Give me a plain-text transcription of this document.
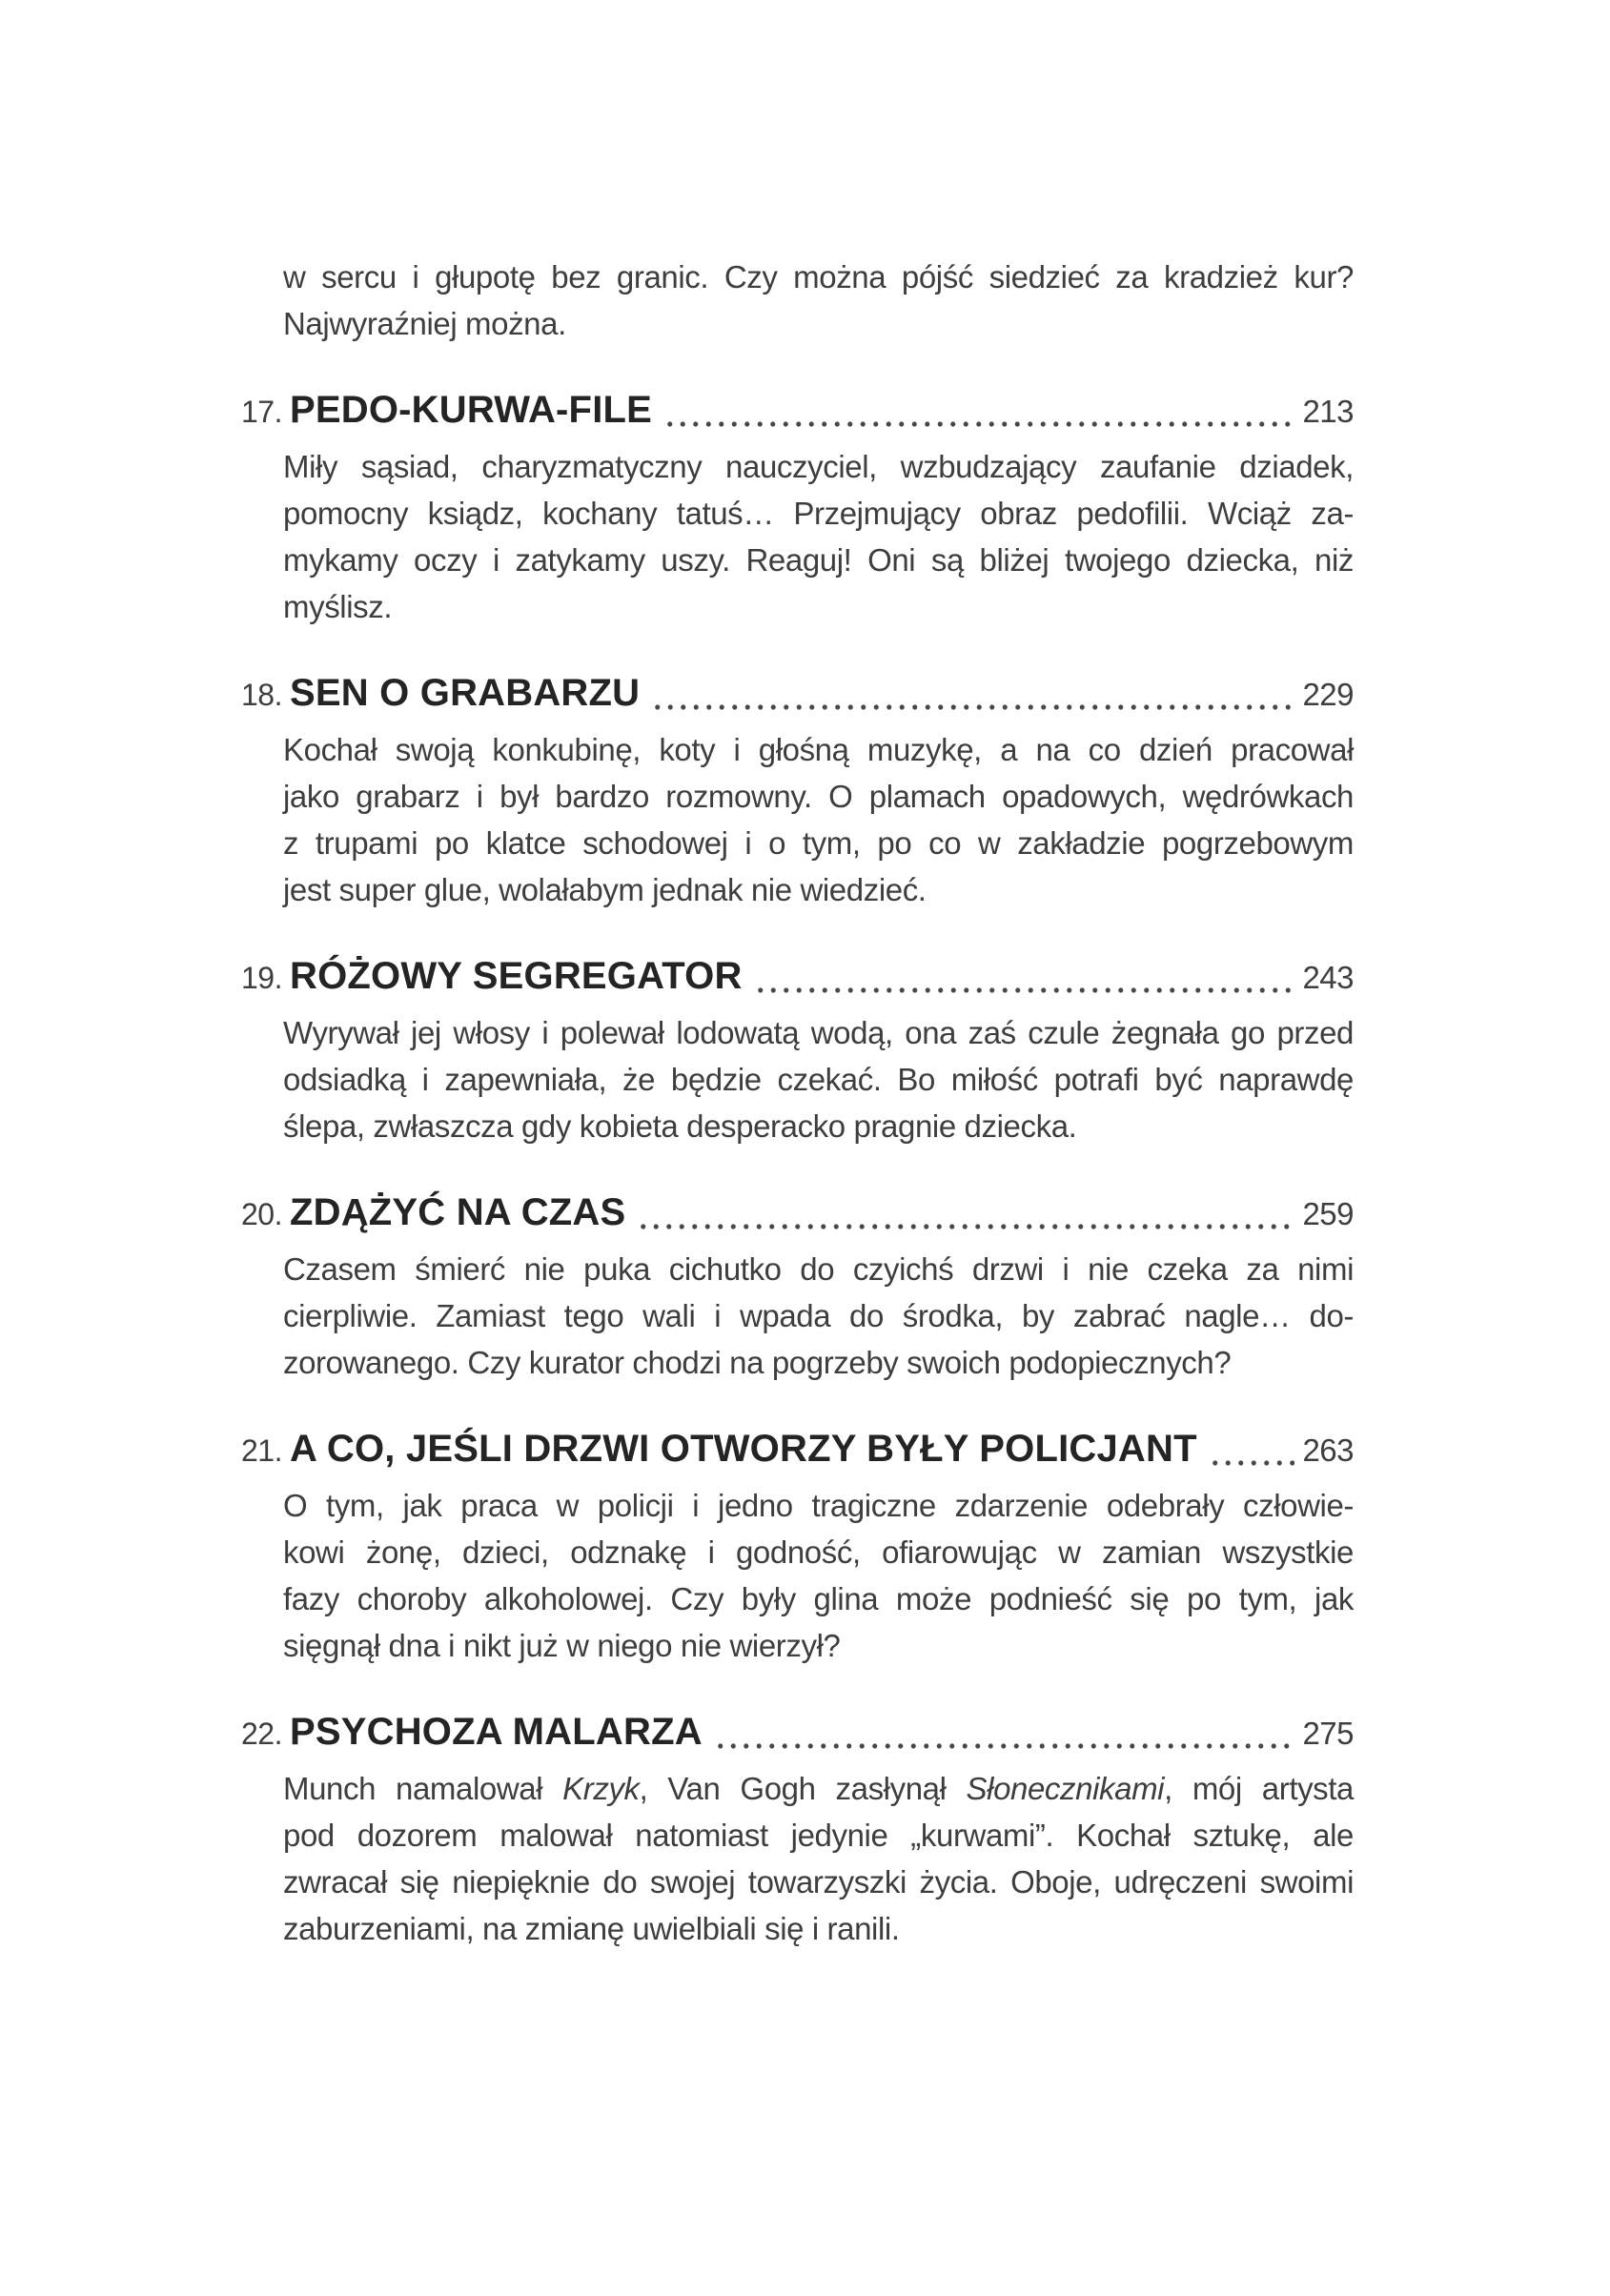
w sercu i głupotę bez granic. Czy można pójść siedzieć za kradzież kur?
Najwyraźniej można.
17. PEDO-KURWA-FILE	213
Miły sąsiad, charyzmatyczny nauczyciel, wzbudzający zaufanie dziadek,
pomocny ksiądz, kochany tatuś… Przejmujący obraz pedofilii. Wciąż za-
mykamy oczy i zatykamy uszy. Reaguj! Oni są bliżej twojego dziecka, niż
myślisz.
18. SEN O GRABARZU	229
Kochał swoją konkubinę, koty i głośną muzykę, a na co dzień pracował
jako grabarz i był bardzo rozmowny. O plamach opadowych, wędrówkach
z trupami po klatce schodowej i o tym, po co w zakładzie pogrzebowym
jest super glue, wolałabym jednak nie wiedzieć.
19. RÓŻOWY SEGREGATOR	243
Wyrywał jej włosy i polewał lodowatą wodą, ona zaś czule żegnała go przed
odsiadką i zapewniała, że będzie czekać. Bo miłość potrafi być naprawdę
ślepa, zwłaszcza gdy kobieta desperacko pragnie dziecka.
20. ZDĄŻYĆ NA CZAS	259
Czasem śmierć nie puka cichutko do czyichś drzwi i nie czeka za nimi
cierpliwie. Zamiast tego wali i wpada do środka, by zabrać nagle… do-
zorowanego. Czy kurator chodzi na pogrzeby swoich podopiecznych?
21. A CO, JEŚLI DRZWI OTWORZY BYŁY POLICJANT	263
O tym, jak praca w policji i jedno tragiczne zdarzenie odebrały człowie-
kowi żonę, dzieci, odznakę i godność, ofiarowując w zamian wszystkie
fazy choroby alkoholowej. Czy były glina może podnieść się po tym, jak
sięgnął dna i nikt już w niego nie wierzył?
22. PSYCHOZA MALARZA	275
Munch namalował Krzyk, Van Gogh zasłynął Słonecznikami, mój artysta
pod dozorem malował natomiast jedynie „kurwami”. Kochał sztukę, ale
zwracał się niepięknie do swojej towarzyszki życia. Oboje, udręczeni swoimi
zaburzeniami, na zmianę uwielbiali się i ranili.
